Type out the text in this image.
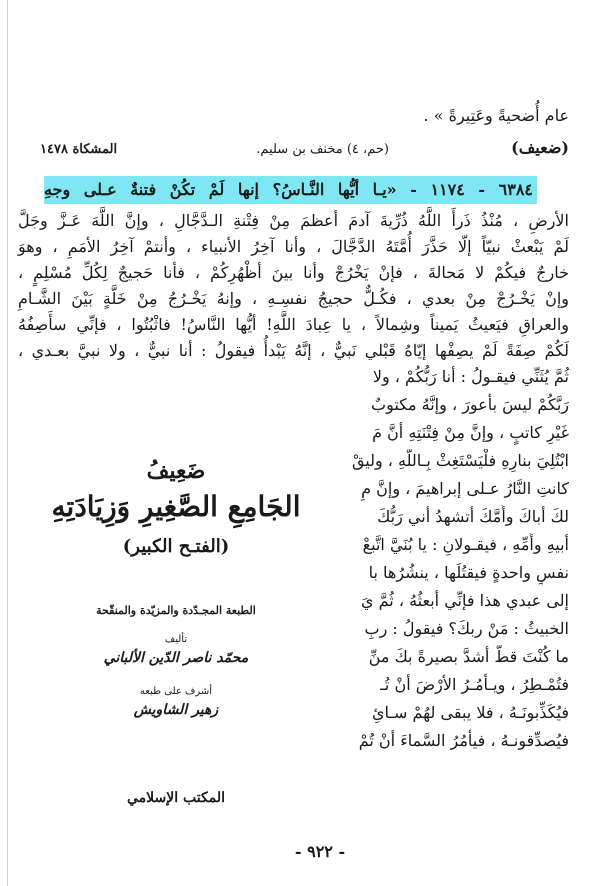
عام أُضحيةً وعَتِيرةً » .
(ضعيف)
(حم، ٤) مخنف بن سليم.
المشكاة ١٤٧٨
٦٣٨٤ - ١١٧٤ - «يـا أيُّها النَّـاسُ؟ إنها لَمْ تكُنْ فتنةٌ عـلى وجهِ
الأرضِ ، مُنْذُ ذَرأَ اللَّهُ ذُرِّيةَ آدمَ أعظمَ مِنْ فِتْنةِ الـدَّجَّالِ ، وإنَّ اللَّهَ عَـزَّ وجَلَّ
لَمْ يَبْعثْ نبيّاً إلّا حَذَّرَ أُمَّتَهُ الدَّجَّالَ ، وأنا آخِرُ الأنبياء ، وأنتمْ آخِرُ الأمَمِ ، وهوَ
خارجٌ فيكُمْ لا مَحالةَ ، فإنْ يَخْرُجْ وأنا بينَ أظْهُرِكُمْ ، فأنا حَجيجٌ لِكُلِّ مُسْلِمٍ ،
وإنْ يَخْـرُجْ مِنْ بعدي ، فكُـلٌّ حجيجُ نفسِـهِ ، وإنهُ يَخْـرُجُ مِنْ خَلَّةٍ بَيْنَ الشَّـامِ
والعراقِ فيَعيثُ يَميناً وشِمالاً ، يا عِبادَ اللَّهِ! أيُّها النَّاسُ! فاثْبُتُوا ، فإنِّي سأَصِفُهُ
لَكُمْ صِفَةً لَمْ يصِفْها إيّاهُ قَبْلي نَبيٌّ ، إنَّهُ يَبْدأُ فيقولُ : أنا نبيٌّ ، ولا نبيَّ بعـدي ،
ثُمَّ يُثَنِّي فيقـولُ : أنا رَبُّكُمْ ، ولا
رَبَّكُمْ ليسَ بأعورَ ، وإنَّهُ مكتوبٌ
غَيْرِ كاتبٍ ، وإنَّ مِنْ فِتْنَتِهِ أنَّ مَ
ابْتُلِيَ بنارِهِ فلْيَسْتَغِثْ بِـاللَّهِ ، وليقْ
كانتِ النَّارُ عـلى إبراهيمَ ، وإنَّ مِ
لكَ أباكَ وأُمَّكَ أتشهدُ أني رَبُّكَ
أبيهِ وأُمِّهِ ، فيقـولانِ : يا بُنَيَّ اتَّبعْ
نفسٍ واحدةٍ فيقتُلَها ، ينشُرُها با
إلى عبدي هذا فإنِّي أبعثُهُ ، ثُمَّ يَ
الخبيثُ : مَنْ ربكَ؟ فيقولُ : ربِ
ما كُنْتَ قطُّ أشدَّ بصيرةً بكَ منِّ
فتُمْـطِرُ ، ويـأْمُـرُ الأرْضَ أنْ تُـ
فيُكَذِّبونَـهُ ، فلا يبقى لهُمْ سـائِ
فيُصدِّقونـهُ ، فيأمُرُ السَّماءَ أنْ تُمْ
ضَعِيفُ
الجَامِعِ الصَّغِيرِ وَزِيَادَتِهِ
(الفتـح الكبير)
الطبعة المجـدّدة والمزيّدة والمنقّحة
تأليف
محمّد ناصر الدّين الألباني
أشرف على طبعه
زهير الشاويش
المكتب الإسلامي
- ٩٢٢ -
